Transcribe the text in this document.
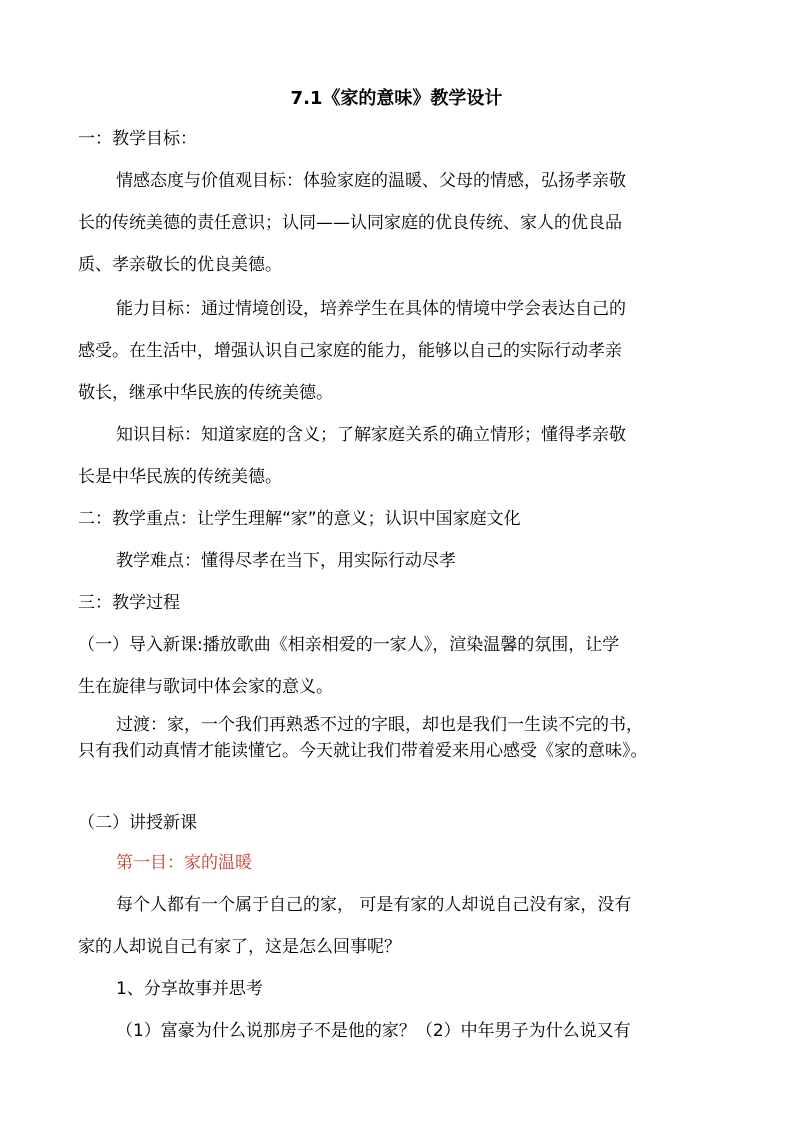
7.1《家的意味》教学设计
一：教学目标：
情感态度与价值观目标：体验家庭的温暖、父母的情感，弘扬孝亲敬
长的传统美德的责任意识；认同——认同家庭的优良传统、家人的优良品
质、孝亲敬长的优良美德。
能力目标：通过情境创设，培养学生在具体的情境中学会表达自己的
感受。在生活中，增强认识自己家庭的能力，能够以自己的实际行动孝亲
敬长，继承中华民族的传统美德。
知识目标：知道家庭的含义；了解家庭关系的确立情形；懂得孝亲敬
长是中华民族的传统美德。
二：教学重点：让学生理解“家”的意义；认识中国家庭文化
教学难点：懂得尽孝在当下，用实际行动尽孝
三：教学过程
（一）导入新课:播放歌曲《相亲相爱的一家人》，渲染温馨的氛围，让学
生在旋律与歌词中体会家的意义。
过渡：家，一个我们再熟悉不过的字眼，却也是我们一生读不完的书，
只有我们动真情才能读懂它。今天就让我们带着爱来用心感受《家的意味》。
（二）讲授新课
第一目：家的温暖
每个人都有一个属于自己的家， 可是有家的人却说自己没有家，没有
家的人却说自己有家了，这是怎么回事呢？
1、分享故事并思考
（1）富豪为什么说那房子不是他的家？（2）中年男子为什么说又有
